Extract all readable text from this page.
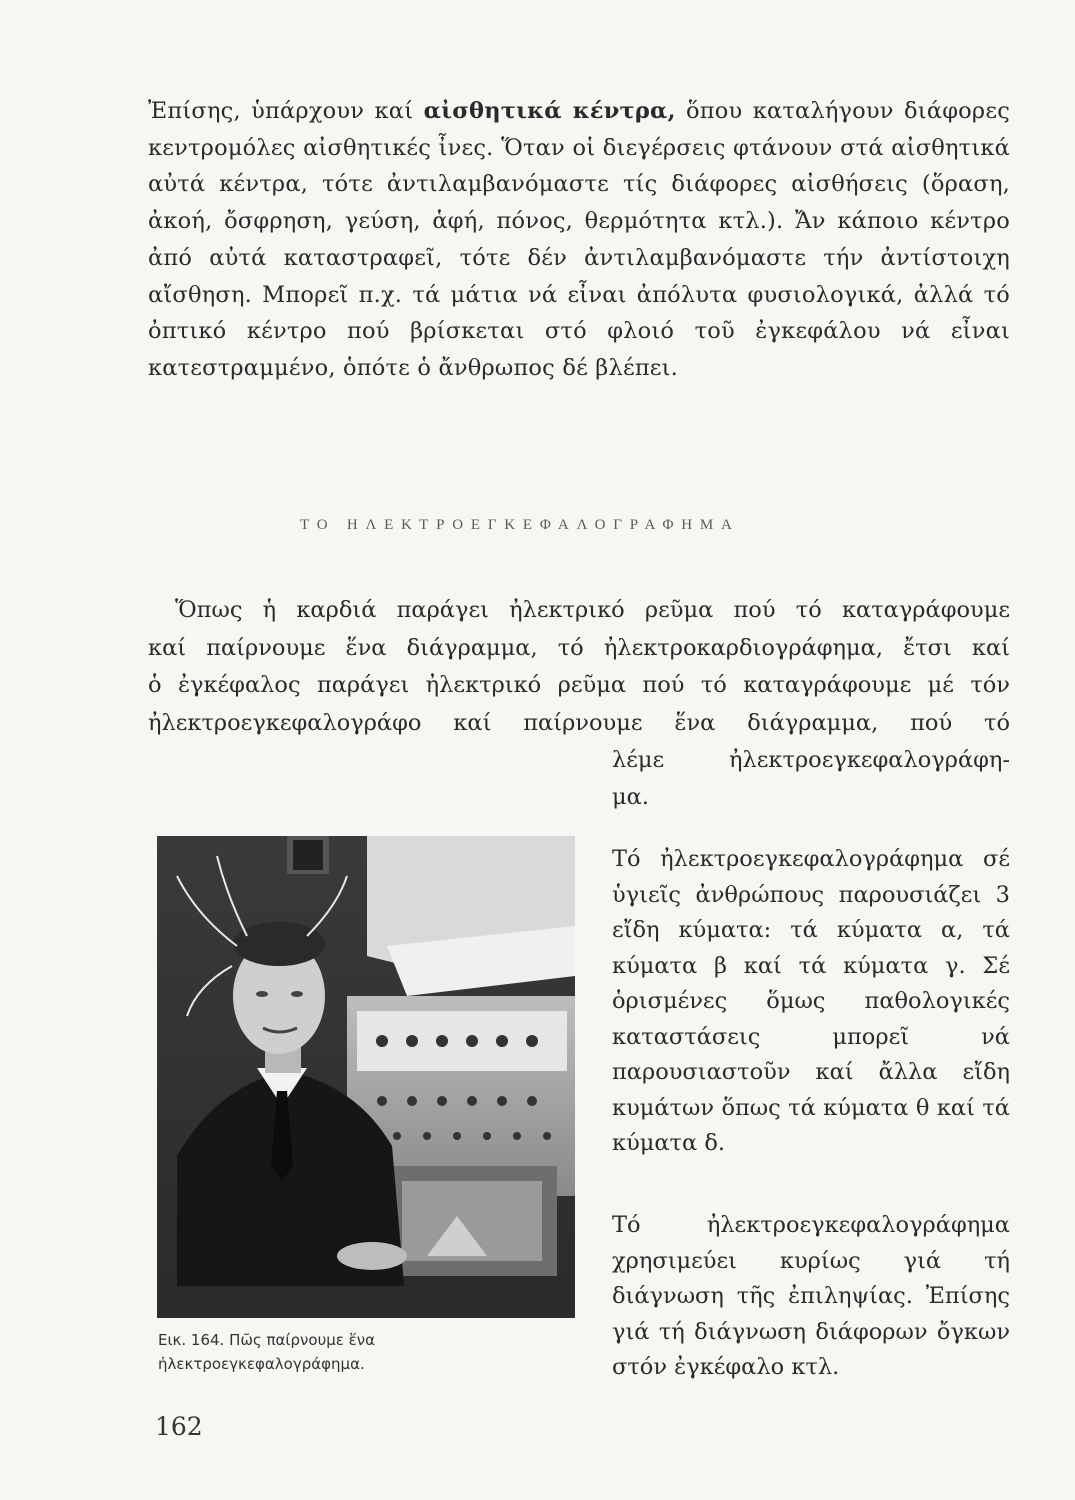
Ἐπίσης, ὑπάρχουν καί αἰσθητικά κέντρα, ὅπου καταλήγουν διάφορες κεντρομόλες αἰσθητικές ἶνες. Ὅταν οἱ διεγέρσεις φτάνουν στά αἰσθητικά αὐτά κέντρα, τότε ἀντιλαμβανόμαστε τίς διάφορες αἰσθήσεις (ὅραση, ἀκοή, ὄσφρηση, γεύση, ἁφή, πόνος, θερμότητα κτλ.). Ἄν κάποιο κέντρο ἀπό αὐτά καταστραφεῖ, τότε δέν ἀντιλαμβανόμαστε τήν ἀντίστοιχη αἴσθηση. Μπορεῖ π.χ. τά μάτια νά εἶναι ἀπόλυτα φυσιολογικά, ἀλλά τό ὀπτικό κέντρο πού βρίσκεται στό φλοιό τοῦ ἐγκεφάλου νά εἶναι κατεστραμμένο, ὁπότε ὁ ἄνθρωπος δέ βλέπει.

ΤΟ ΗΛΕΚΤΡΟΕΓΚΕΦΑΛΟΓΡΑΦΗΜΑ

Ὅπως ἡ καρδιά παράγει ἠλεκτρικό ρεῦμα πού τό καταγράφουμε

καί παίρνουμε ἕνα διάγραμμα, τό ἠλεκτροκαρδιογράφημα, ἔτσι καί

ὁ ἐγκέφαλος παράγει ἠλεκτρικό ρεῦμα πού τό καταγράφουμε μέ τόν

ἠλεκτροεγκεφαλογράφο καί παίρνουμε ἕνα διάγραμμα, πού τό

λέμε ἠλεκτροεγκεφαλογράφη-

μα.

Εικ. 164. Πῶς παίρνουμε ἕνα ἠλεκτροεγκεφαλογράφημα.

Τό ἠλεκτροεγκεφαλογράφημα σέ ὑγιεῖς ἀνθρώπους παρουσιάζει 3 εἴδη κύματα: τά κύματα α, τά κύματα β καί τά κύματα γ. Σέ ὁρισμένες ὅμως παθολογικές καταστάσεις μπορεῖ νά παρουσιαστοῦν καί ἄλλα εἴδη κυμάτων ὅπως τά κύματα θ καί τά κύματα δ.

Τό ἠλεκτροεγκεφαλογράφημα χρησιμεύει κυρίως γιά τή διάγνωση τῆς ἐπιληψίας. Ἐπίσης γιά τή διάγνωση διάφορων ὄγκων στόν ἐγκέφαλο κτλ.

162
